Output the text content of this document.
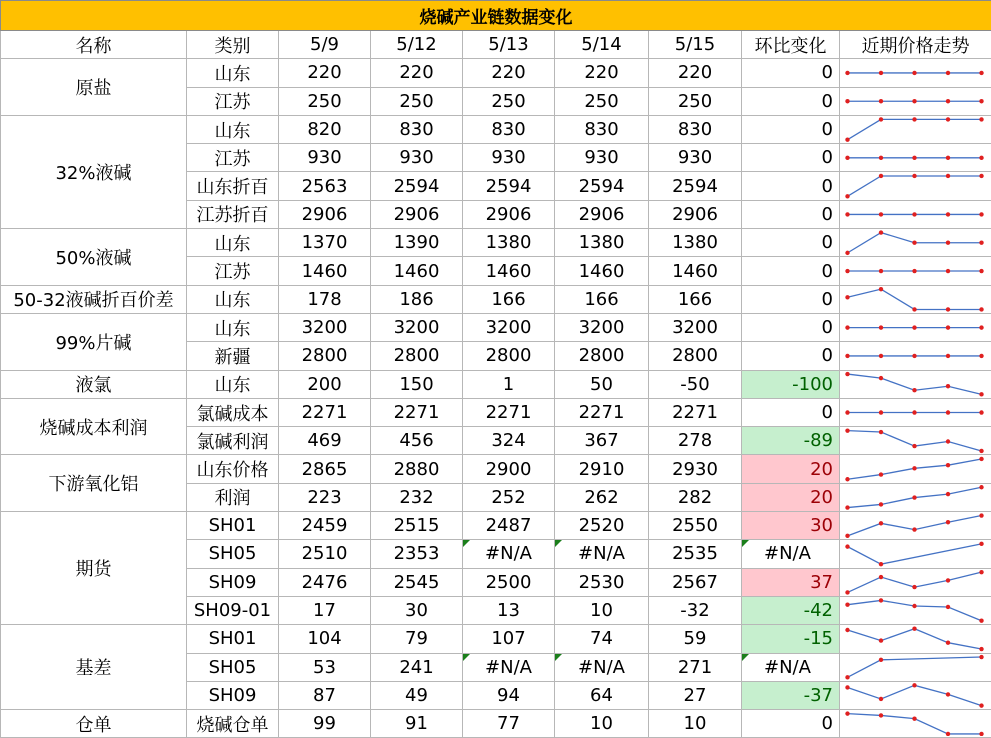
烧碱产业链数据变化								
名称	类别	5/9	5/12	5/13	5/14	5/15	环比变化	近期价格走势
原盐	山东	220	220	220	220	220	0	
	江苏	250	250	250	250	250	0	
32%液碱	山东	820	830	830	830	830	0	
	江苏	930	930	930	930	930	0	
	山东折百	2563	2594	2594	2594	2594	0	
	江苏折百	2906	2906	2906	2906	2906	0	
50%液碱	山东	1370	1390	1380	1380	1380	0	
	江苏	1460	1460	1460	1460	1460	0	
50-32液碱折百价差	山东	178	186	166	166	166	0	
99%片碱	山东	3200	3200	3200	3200	3200	0	
	新疆	2800	2800	2800	2800	2800	0	
液氯	山东	200	150	1	50	-50	-100	
烧碱成本利润	氯碱成本	2271	2271	2271	2271	2271	0	
	氯碱利润	469	456	324	367	278	-89	
下游氧化铝	山东价格	2865	2880	2900	2910	2930	20	
	利润	223	232	252	262	282	20	
期货	SH01	2459	2515	2487	2520	2550	30	
	SH05	2510	2353	#N/A	#N/A	2535	#N/A	
	SH09	2476	2545	2500	2530	2567	37	
	SH09-01	17	30	13	10	-32	-42	
基差	SH01	104	79	107	74	59	-15	
	SH05	53	241	#N/A	#N/A	271	#N/A	
	SH09	87	49	94	64	27	-37	
仓单	烧碱仓单	99	91	77	10	10	0	
